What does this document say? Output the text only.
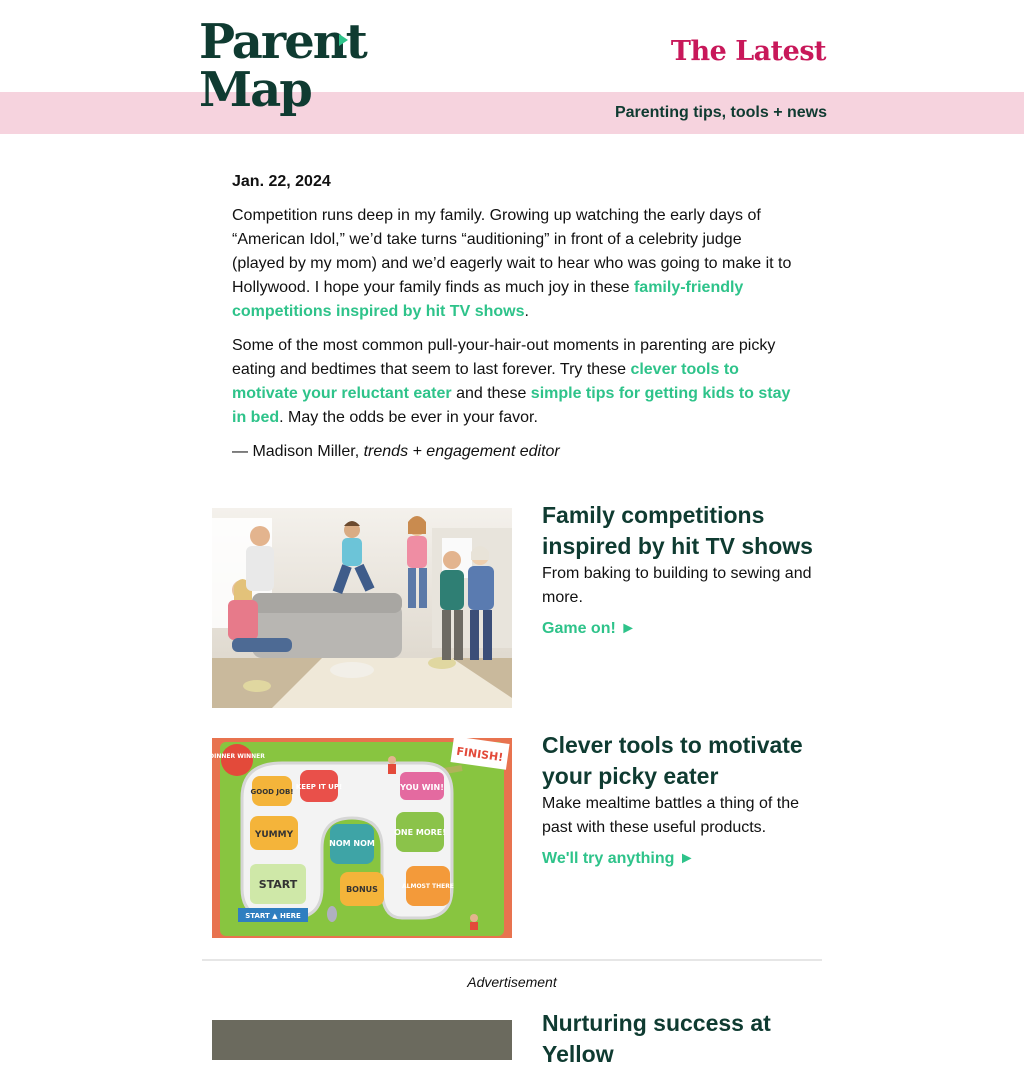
Parent
Map
The Latest
Parenting tips, tools + news
Jan. 22, 2024

Competition runs deep in my family. Growing up watching the early days of “American Idol,” we’d take turns “auditioning” in front of a celebrity judge (played by my mom) and we’d eagerly wait to hear who was going to make it to Hollywood. I hope your family finds as much joy in these family-friendly competitions inspired by hit TV shows.

Some of the most common pull-your-hair-out moments in parenting are picky eating and bedtimes that seem to last forever. Try these clever tools to motivate your reluctant eater and these simple tips for getting kids to stay in bed. May the odds be ever in your favor.

— Madison Miller, trends + engagement editor

Family competitions inspired by hit TV shows
From baking to building to sewing and more.
Game on! ►
DINNER WINNER	FINISH!
GOOD JOB!
KEEP IT UP!	YOU WIN!
YUMMY
NOM NOM
ONE MORE!
START	BONUS	ALMOST THERE
START ▲ HERE
Clever tools to motivate your picky eater
Make mealtime battles a thing of the past with these useful products.
We'll try anything ►
Advertisement
Nurturing success at Yellow
